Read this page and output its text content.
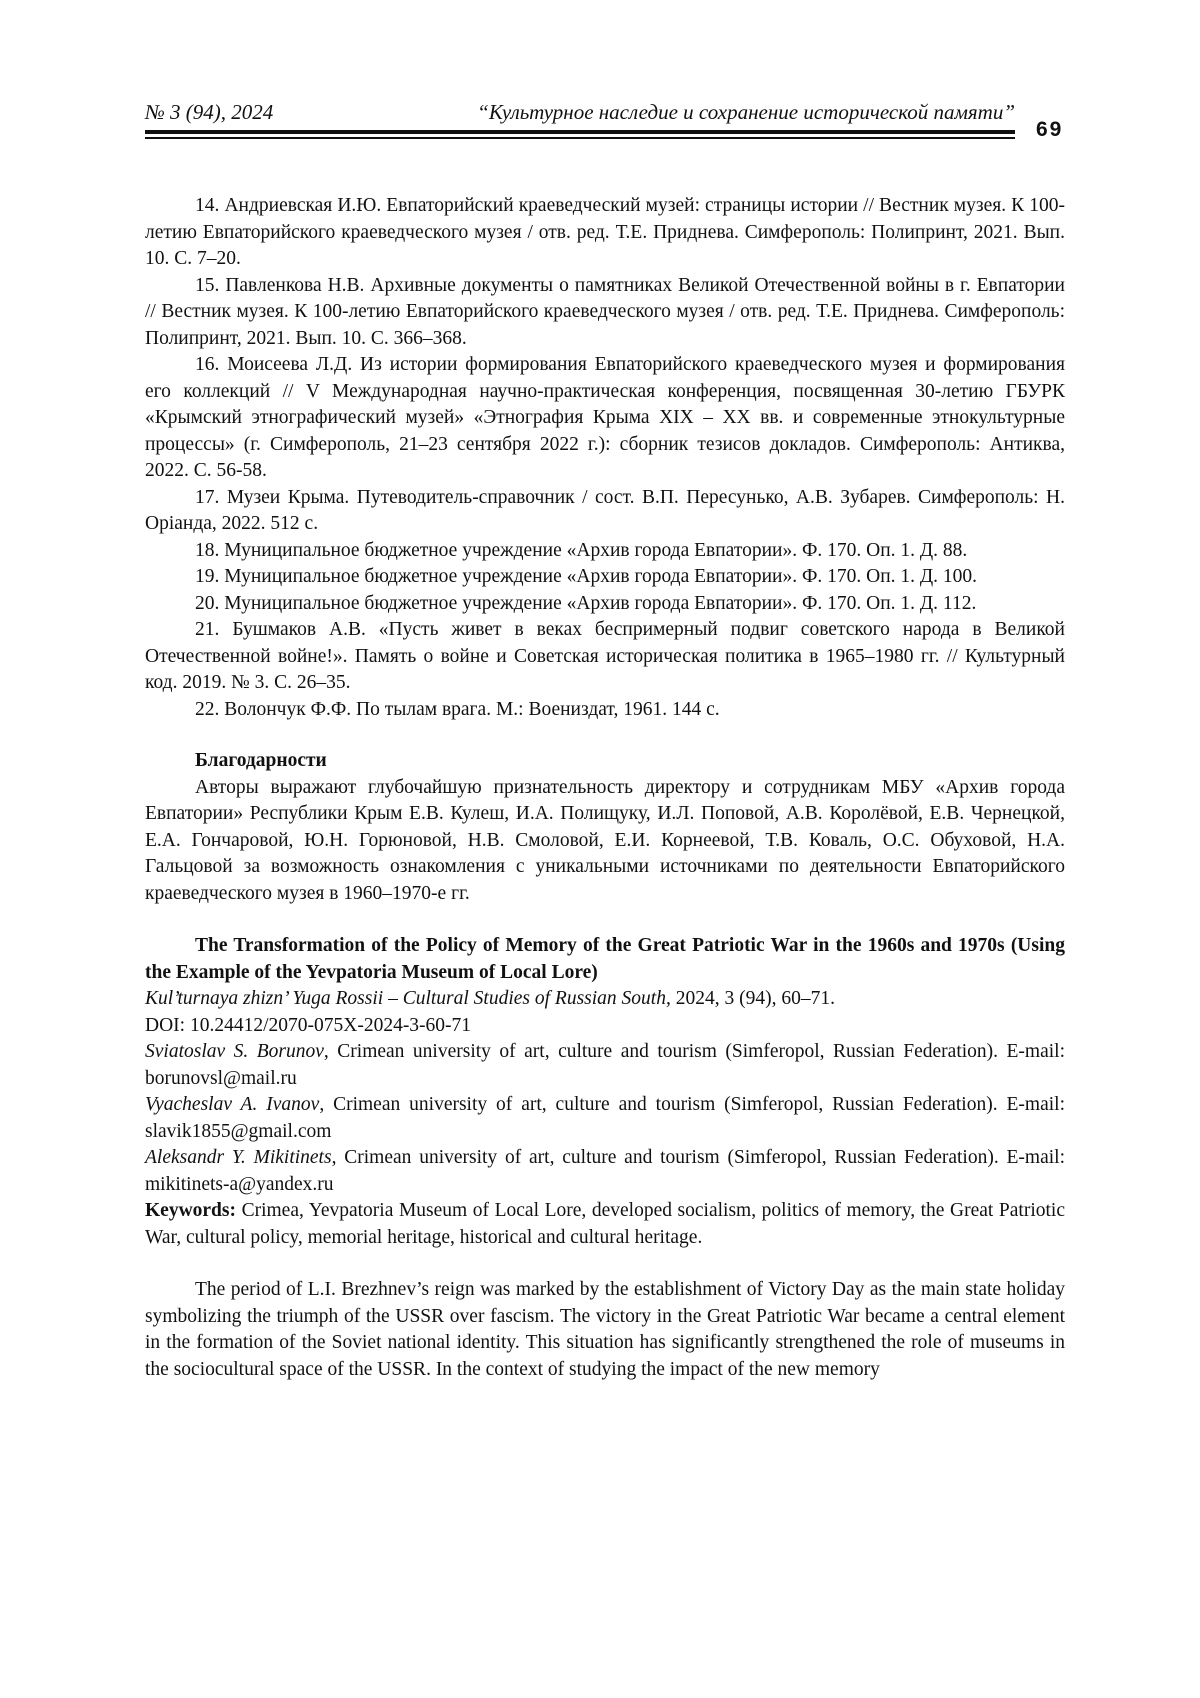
№ 3 (94), 2024	“Культурное наследие и сохранение исторической памяти”
69

14. Андриевская И.Ю. Евпаторийский краеведческий музей: страницы истории // Вестник музея. К 100-летию Евпаторийского краеведческого музея / отв. ред. Т.Е. Приднева. Симферополь: Полипринт, 2021. Вып. 10. С. 7–20.

15. Павленкова Н.В. Архивные документы о памятниках Великой Отечественной войны в г. Евпатории // Вестник музея. К 100-летию Евпаторийского краеведческого музея / отв. ред. Т.Е. Приднева. Симферополь: Полипринт, 2021. Вып. 10. С. 366–368.

16. Моисеева Л.Д. Из истории формирования Евпаторийского краеведческого музея и формирования его коллекций // V Международная научно-практическая конференция, посвященная 30-летию ГБУРК «Крымский этнографический музей» «Этнография Крыма XIX – XX вв. и современные этнокультурные процессы» (г. Симферополь, 21–23 сентября 2022 г.): сборник тезисов докладов. Симферополь: Антиква, 2022. С. 56-58.

17. Музеи Крыма. Путеводитель-справочник / сост. В.П. Пересунько, А.В. Зубарев. Симферополь: Н. Орiанда, 2022. 512 с.

18. Муниципальное бюджетное учреждение «Архив города Евпатории». Ф. 170. Оп. 1. Д. 88.

19. Муниципальное бюджетное учреждение «Архив города Евпатории». Ф. 170. Оп. 1. Д. 100.

20. Муниципальное бюджетное учреждение «Архив города Евпатории». Ф. 170. Оп. 1. Д. 112.

21. Бушмаков А.В. «Пусть живет в веках беспримерный подвиг советского народа в Великой Отечественной войне!». Память о войне и Советская историческая политика в 1965–1980 гг. // Культурный код. 2019. № 3. С. 26–35.

22. Волончук Ф.Ф. По тылам врага. М.: Воениздат, 1961. 144 с.

Благодарности

Авторы выражают глубочайшую признательность директору и сотрудникам МБУ «Архив города Евпатории» Республики Крым Е.В. Кулеш, И.А. Полищуку, И.Л. Поповой, А.В. Королёвой, Е.В. Чернецкой, Е.А. Гончаровой, Ю.Н. Горюновой, Н.В. Смоловой, Е.И. Корнеевой, Т.В. Коваль, О.С. Обуховой, Н.А. Гальцовой за возможность ознакомления с уникальными источниками по деятельности Евпаторийского краеведческого музея в 1960–1970-е гг.

The Transformation of the Policy of Memory of the Great Patriotic War in the 1960s and 1970s (Using the Example of the Yevpatoria Museum of Local Lore)

Kul’turnaya zhizn’ Yuga Rossii – Cultural Studies of Russian South, 2024, 3 (94), 60–71.

DOI: 10.24412/2070-075X-2024-3-60-71

Sviatoslav S. Borunov, Crimean university of art, culture and tourism (Simferopol, Russian Federation). E-mail: borunovsl@mail.ru

Vyacheslav A. Ivanov, Crimean university of art, culture and tourism (Simferopol, Russian Federation). E-mail: slavik1855@gmail.com

Aleksandr Y. Mikitinets, Crimean university of art, culture and tourism (Simferopol, Russian Federation). E-mail: mikitinets-a@yandex.ru

Keywords: Crimea, Yevpatoria Museum of Local Lore, developed socialism, politics of memory, the Great Patriotic War, cultural policy, memorial heritage, historical and cultural heritage.

The period of L.I. Brezhnev’s reign was marked by the establishment of Victory Day as the main state holiday symbolizing the triumph of the USSR over fascism. The victory in the Great Patriotic War became a central element in the formation of the Soviet national identity. This situation has significantly strengthened the role of museums in the sociocultural space of the USSR. In the context of studying the impact of the new memory
